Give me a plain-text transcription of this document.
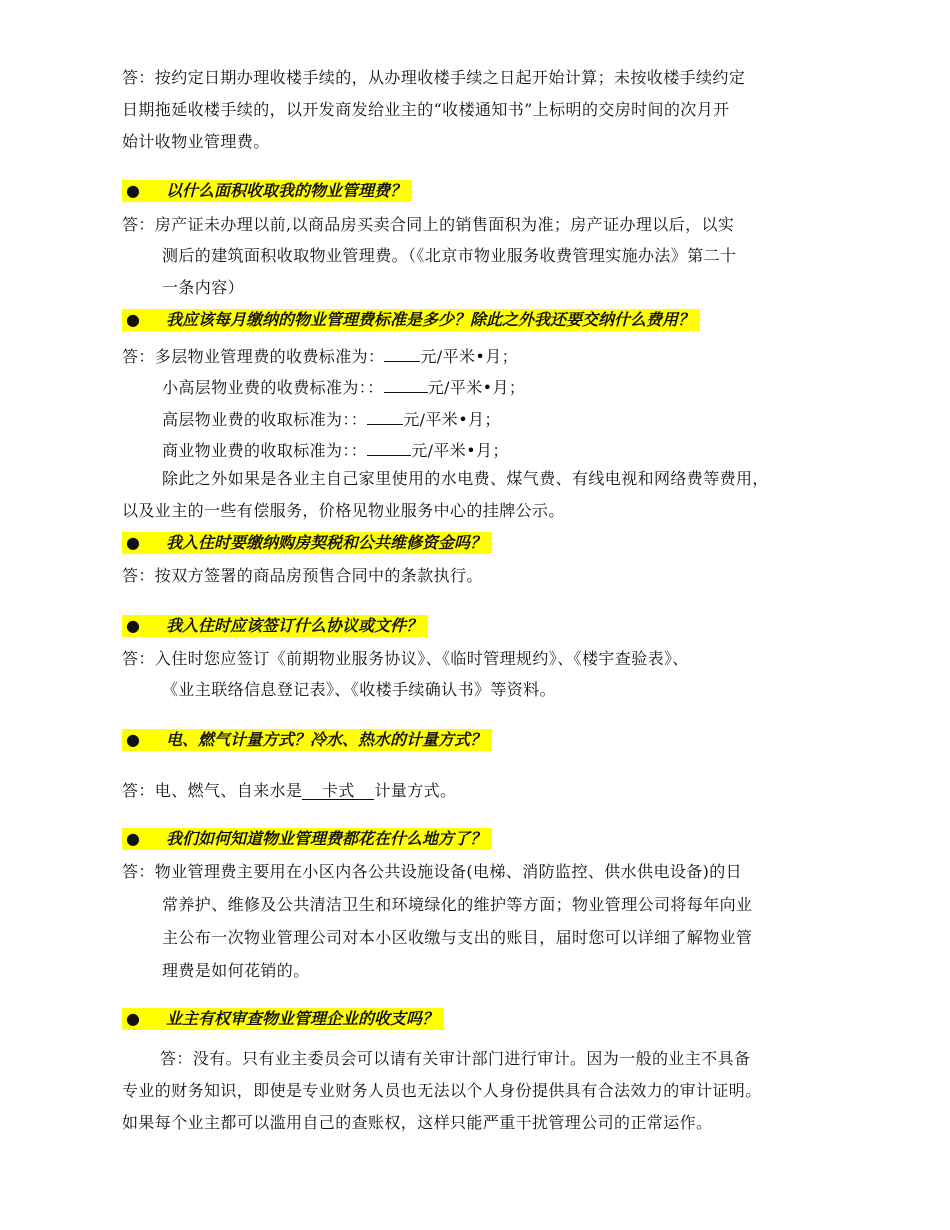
答：按约定日期办理收楼手续的，从办理收楼手续之日起开始计算；未按收楼手续约定
日期拖延收楼手续的，以开发商发给业主的“收楼通知书”上标明的交房时间的次月开
始计收物业管理费。
● 以什么面积收取我的物业管理费？
答：房产证未办理以前,以商品房买卖合同上的销售面积为准；房产证办理以后，以实
测后的建筑面积收取物业管理费。（《北京市物业服务收费管理实施办法》第二十
一条内容）
● 我应该每月缴纳的物业管理费标准是多少？除此之外我还要交纳什么费用？
答：多层物业管理费的收费标准为： 元/平米•月；
小高层物业费的收费标准为：：	元/平米•月；
高层物业费的收取标准为：： 元/平米•月；
商业物业费的收取标准为：：	元/平米•月；
除此之外如果是各业主自己家里使用的水电费、煤气费、有线电视和网络费等费用，
以及业主的一些有偿服务，价格见物业服务中心的挂牌公示。
● 我入住时要缴纳购房契税和公共维修资金吗？
答：按双方签署的商品房预售合同中的条款执行。
● 我入住时应该签订什么协议或文件？
答：入住时您应签订《前期物业服务协议》、《临时管理规约》、《楼宇查验表》、
《业主联络信息登记表》、《收楼手续确认书》等资料。
● 电、燃气计量方式？冷水、热水的计量方式？
答：电、燃气、自来水是 卡式 计量方式。
● 我们如何知道物业管理费都花在什么地方了？
答：物业管理费主要用在小区内各公共设施设备(电梯、消防监控、供水供电设备)的日
常养护、维修及公共清洁卫生和环境绿化的维护等方面；物业管理公司将每年向业
主公布一次物业管理公司对本小区收缴与支出的账目，届时您可以详细了解物业管
理费是如何花销的。
● 业主有权审查物业管理企业的收支吗？
答：没有。只有业主委员会可以请有关审计部门进行审计。因为一般的业主不具备
专业的财务知识，即使是专业财务人员也无法以个人身份提供具有合法效力的审计证明。
如果每个业主都可以滥用自己的查账权，这样只能严重干扰管理公司的正常运作。
